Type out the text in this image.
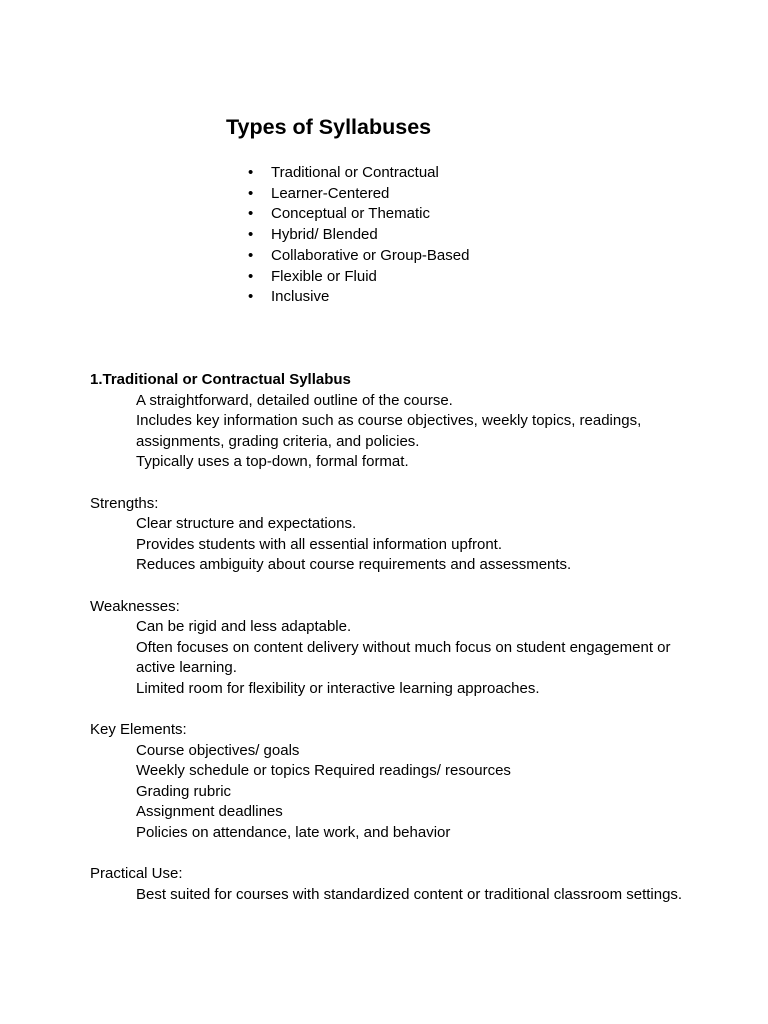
Types of Syllabuses
• Traditional or Contractual
• Learner-Centered
• Conceptual or Thematic
• Hybrid/ Blended
• Collaborative or Group-Based
• Flexible or Fluid
• Inclusive

1.Traditional or Contractual Syllabus

A straightforward, detailed outline of the course.

Includes key information such as course objectives, weekly topics, readings, assignments, grading criteria, and policies.

Typically uses a top-down, formal format.

Strengths:

Clear structure and expectations.

Provides students with all essential information upfront.

Reduces ambiguity about course requirements and assessments.

Weaknesses:

Can be rigid and less adaptable.

Often focuses on content delivery without much focus on student engagement or active learning.

Limited room for flexibility or interactive learning approaches.

Key Elements:

Course objectives/ goals

Weekly schedule or topics Required readings/ resources

Grading rubric

Assignment deadlines

Policies on attendance, late work, and behavior

Practical Use:

Best suited for courses with standardized content or traditional classroom settings.
